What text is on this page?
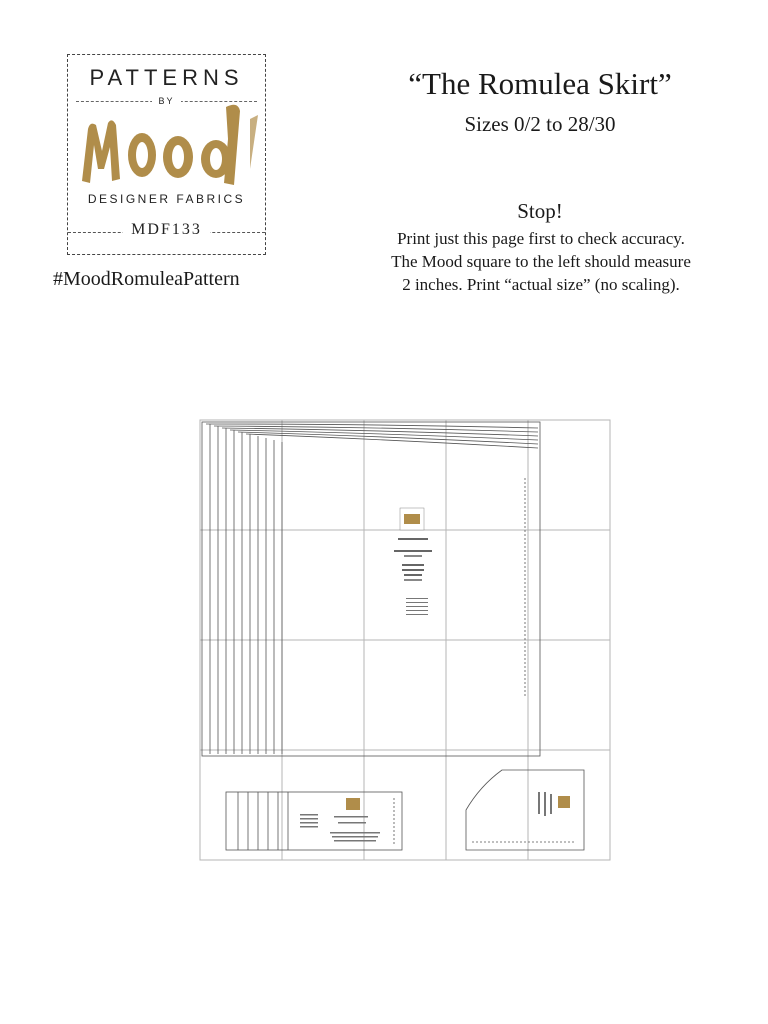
PATTERNS
BY
DESIGNER FABRICS
MDF133
#MoodRomuleaPattern
“The Romulea Skirt”
Sizes 0/2 to 28/30
Stop!
Print just this page first to check accuracy.
The Mood square to the left should measure
2 inches. Print “actual size” (no scaling).
